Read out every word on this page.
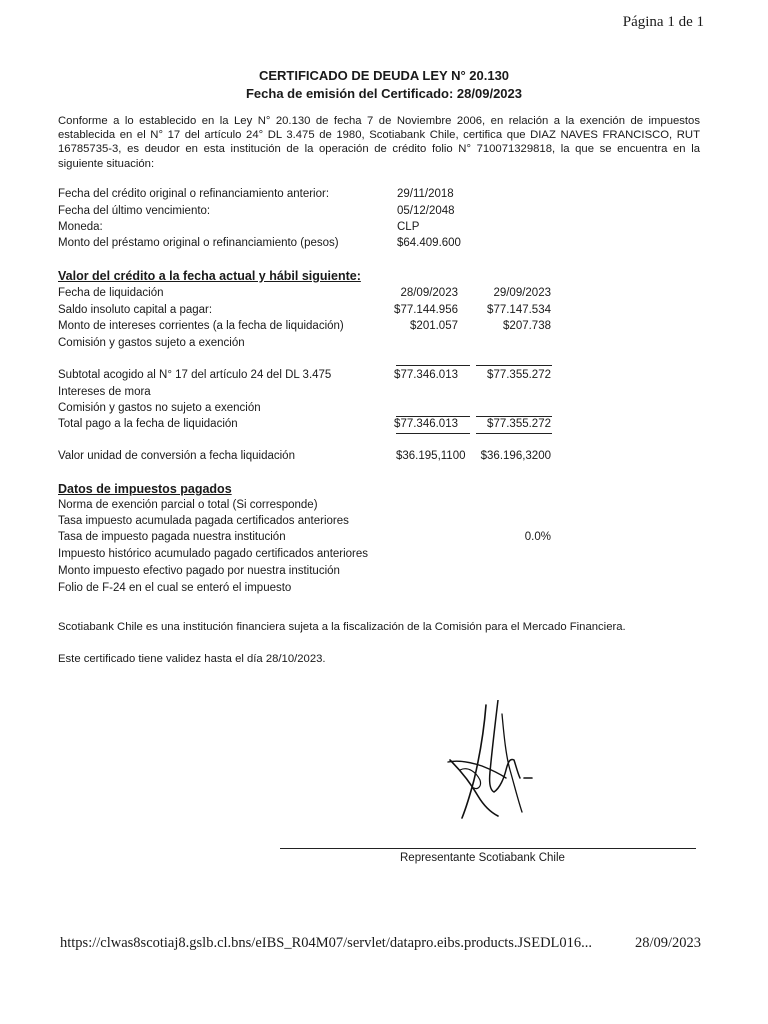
Página 1 de 1
CERTIFICADO DE DEUDA LEY N° 20.130
Fecha de emisión del Certificado: 28/09/2023
Conforme a lo establecido en la Ley N° 20.130 de fecha 7 de Noviembre 2006, en relación a la exención de impuestos establecida en el N° 17 del artículo 24° DL 3.475 de 1980, Scotiabank Chile, certifica que DIAZ NAVES FRANCISCO, RUT 16785735-3, es deudor en esta institución de la operación de crédito folio N° 710071329818, la que se encuentra en la siguiente situación:
Fecha del crédito original o refinanciamiento anterior:	29/11/2018
Fecha del último vencimiento:	05/12/2048
Moneda:	CLP
Monto del préstamo original o refinanciamiento (pesos)	$64.409.600
Valor del crédito a la fecha actual y hábil siguiente:
Fecha de liquidación	28/09/2023	29/09/2023
Saldo insoluto capital a pagar:	$77.144.956	$77.147.534
Monto de intereses corrientes (a la fecha de liquidación)	$201.057	$207.738
Comisión y gastos sujeto a exención
Subtotal acogido al N° 17 del artículo 24 del DL 3.475	$77.346.013	$77.355.272
Intereses de mora
Comisión y gastos no sujeto a exención
Total pago a la fecha de liquidación	$77.346.013	$77.355.272
Valor unidad de conversión a fecha liquidación	$36.195,1100 $36.196,3200
Datos de impuestos pagados
Norma de exención parcial o total (Si corresponde)
Tasa impuesto acumulada pagada certificados anteriores
Tasa de impuesto pagada nuestra institución	0.0%
Impuesto histórico acumulado pagado certificados anteriores
Monto impuesto efectivo pagado por nuestra institución
Folio de F-24 en el cual se enteró el impuesto
Scotiabank Chile es una institución financiera sujeta a la fiscalización de la Comisión para el Mercado Financiera.
Este certificado tiene validez hasta el día 28/10/2023.
Representante Scotiabank Chile
https://clwas8scotiaj8.gslb.cl.bns/eIBS_R04M07/servlet/datapro.eibs.products.JSEDL016...	28/09/2023
